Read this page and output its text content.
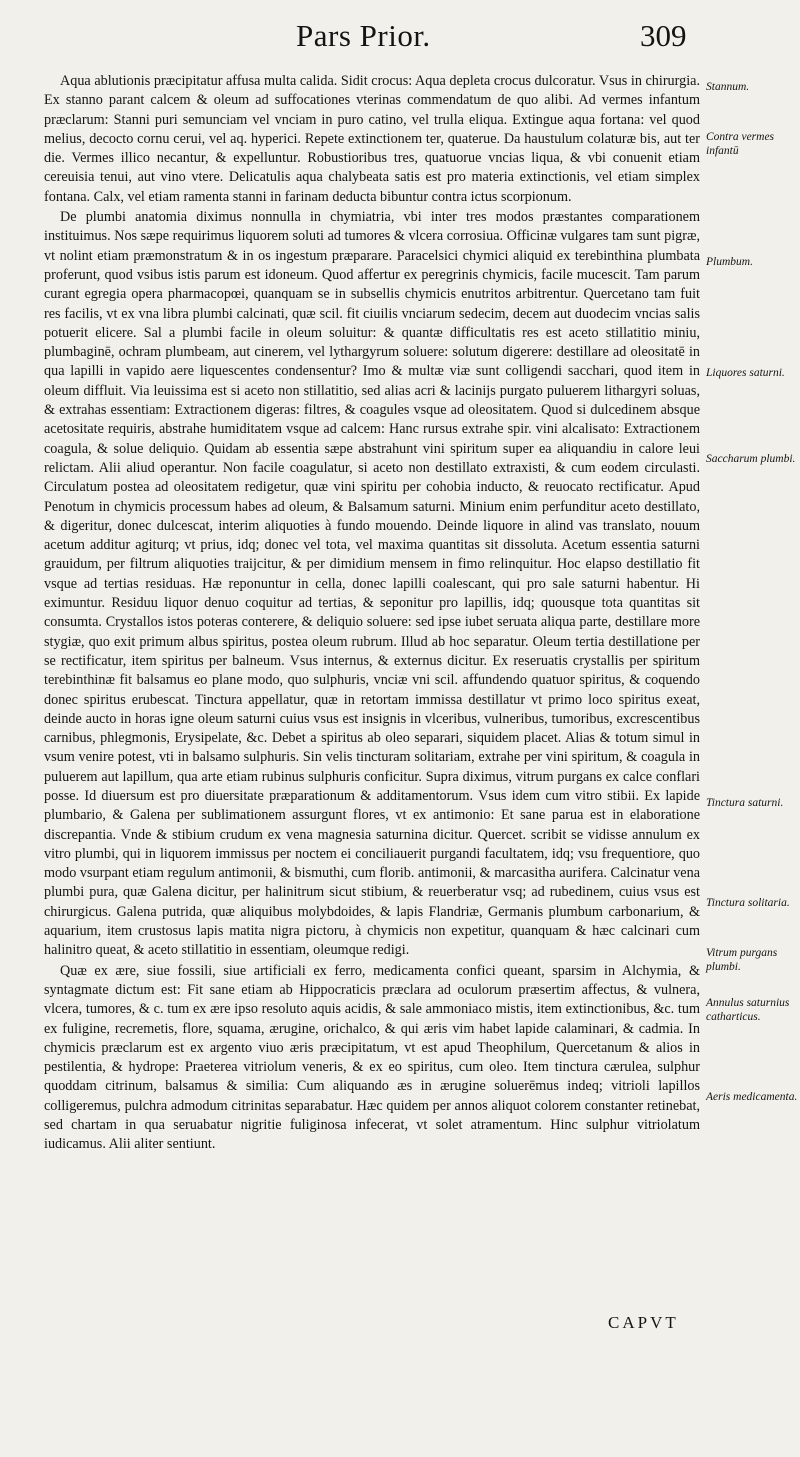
Pars Prior.	309

Aqua ablutionis præcipitatur affusa multa calida. Sidit crocus: Aqua depleta crocus dulcoratur. Vsus in chirurgia. Ex stanno parant calcem & oleum ad suffocationes vterinas commendatum de quo alibi. Ad vermes infantum præclarum: Stanni puri semunciam vel vnciam in puro catino, vel trulla eliqua. Extingue aqua fortana: vel quod melius, decocto cornu cerui, vel aq. hyperici. Repete extinctionem ter, quaterue. Da haustulum colaturæ bis, aut ter die. Vermes illico necantur, & expelluntur. Robustioribus tres, quatuorue vncias liqua, & vbi conuenit etiam cereuisia tenui, aut vino vtere. Delicatulis aqua chalybeata satis est pro materia extinctionis, vel etiam simplex fontana. Calx, vel etiam ramenta stanni in farinam deducta bibuntur contra ictus scorpionum.

De plumbi anatomia diximus nonnulla in chymiatria, vbi inter tres modos præstantes comparationem instituimus. Nos sæpe requirimus liquorem soluti ad tumores & vlcera corrosiua. Officinæ vulgares tam sunt pigræ, vt nolint etiam præmonstratum & in os ingestum præparare. Paracelsici chymici aliquid ex terebinthina plumbata proferunt, quod vsibus istis parum est idoneum. Quod affertur ex peregrinis chymicis, facile mucescit. Tam parum curant egregia opera pharmacopœi, quanquam se in subsellis chymicis enutritos arbitrentur. Quercetano tam fuit res facilis, vt ex vna libra plumbi calcinati, quæ scil. fit ciuilis vnciarum sedecim, decem aut duodecim vncias salis potuerit elicere. Sal a plumbi facile in oleum soluitur: & quantæ difficultatis res est aceto stillatitio miniu, plumbaginē, ochram plumbeam, aut cinerem, vel lythargyrum soluere: solutum digerere: destillare ad oleositatē in qua lapilli in vapido aere liquescentes condensentur? Imo & multæ viæ sunt colligendi sacchari, quod item in oleum diffluit. Via leuissima est si aceto non stillatitio, sed alias acri & lacinijs purgato puluerem lithargyri soluas, & extrahas essentiam: Extractionem digeras: filtres, & coagules vsque ad oleositatem. Quod si dulcedinem absque acetositate requiris, abstrahe humiditatem vsque ad calcem: Hanc rursus extrahe spir. vini alcalisato: Extractionem coagula, & solue deliquio. Quidam ab essentia sæpe abstrahunt vini spiritum super ea aliquandiu in calore leui relictam. Alii aliud operantur. Non facile coagulatur, si aceto non destillato extraxisti, & cum eodem circulasti. Circulatum postea ad oleositatem redigetur, quæ vini spiritu per cohobia inducto, & reuocato rectificatur. Apud Penotum in chymicis processum habes ad oleum, & Balsamum saturni. Minium enim perfunditur aceto destillato, & digeritur, donec dulcescat, interim aliquoties à fundo mouendo. Deinde liquore in alind vas translato, nouum acetum additur agiturq; vt prius, idq; donec vel tota, vel maxima quantitas sit dissoluta. Acetum essentia saturni grauidum, per filtrum aliquoties traijcitur, & per dimidium mensem in fimo relinquitur. Hoc elapso destillatio fit vsque ad tertias residuas. Hæ reponuntur in cella, donec lapilli coalescant, qui pro sale saturni habentur. Hi eximuntur. Residuu liquor denuo coquitur ad tertias, & seponitur pro lapillis, idq; quousque tota quantitas sit consumta. Crystallos istos poteras conterere, & deliquio soluere: sed ipse iubet seruata aliqua parte, destillare more stygiæ, quo exit primum albus spiritus, postea oleum rubrum. Illud ab hoc separatur. Oleum tertia destillatione per se rectificatur, item spiritus per balneum. Vsus internus, & externus dicitur. Ex reseruatis crystallis per spiritum terebinthinæ fit balsamus eo plane modo, quo sulphuris, vnciæ vni scil. affundendo quatuor spiritus, & coquendo donec spiritus erubescat. Tinctura appellatur, quæ in retortam immissa destillatur vt primo loco spiritus exeat, deinde aucto in horas igne oleum saturni cuius vsus est insignis in vlceribus, vulneribus, tumoribus, excrescentibus carnibus, phlegmonis, Erysipelate, &c. Debet a spiritus ab oleo separari, siquidem placet. Alias & totum simul in vsum venire potest, vti in balsamo sulphuris. Sin velis tincturam solitariam, extrahe per vini spiritum, & coagula in puluerem aut lapillum, qua arte etiam rubinus sulphuris conficitur. Supra diximus, vitrum purgans ex calce conflari posse. Id diuersum est pro diuersitate præparationum & additamentorum. Vsus idem cum vitro stibii. Ex lapide plumbario, & Galena per sublimationem assurgunt flores, vt ex antimonio: Et sane parua est in elaboratione discrepantia. Vnde & stibium crudum ex vena magnesia saturnina dicitur. Quercet. scribit se vidisse annulum ex vitro plumbi, qui in liquorem immissus per noctem ei conciliauerit purgandi facultatem, idq; vsu frequentiore, quo modo vsurpant etiam regulum antimonii, & bismuthi, cum florib. antimonii, & marcasitha aurifera. Calcinatur vena plumbi pura, quæ Galena dicitur, per halinitrum sicut stibium, & reuerberatur vsq; ad rubedinem, cuius vsus est chirurgicus. Galena putrida, quæ aliquibus molybdoides, & lapis Flandriæ, Germanis plumbum carbonarium, & aquarium, item crustosus lapis matita nigra pictoru, à chymicis non expetitur, quanquam & hæc calcinari cum halinitro queat, & aceto stillatitio in essentiam, oleumque redigi.

Quæ ex ære, siue fossili, siue artificiali ex ferro, medicamenta confici queant, sparsim in Alchymia, & syntagmate dictum est: Fit sane etiam ab Hippocraticis præclara ad oculorum præsertim affectus, & vulnera, vlcera, tumores, & c. tum ex ære ipso resoluto aquis acidis, & sale ammoniaco mistis, item extinctionibus, &c. tum ex fuligine, recremetis, flore, squama, ærugine, orichalco, & qui æris vim habet lapide calaminari, & cadmia. In chymicis præclarum est ex argento viuo æris præcipitatum, vt est apud Theophilum, Quercetanum & alios in pestilentia, & hydrope: Praeterea vitriolum veneris, & ex eo spiritus, cum oleo. Item tinctura cærulea, sulphur quoddam citrinum, balsamus & similia: Cum aliquando æs in ærugine soluerēmus indeq; vitrioli lapillos colligeremus, pulchra admodum citrinitas separabatur. Hæc quidem per annos aliquot colorem constanter retinebat, sed chartam in qua seruabatur nigritie fuliginosa infecerat, vt solet atramentum. Hinc sulphur vitriolatum iudicamus. Alii aliter sentiunt.

Stannum.
Contra vermes infantū
Plumbum.
Liquores saturni.
Saccharum plumbi.
Tinctura saturni.
Tinctura solitaria.
Vitrum purgans plumbi.
Annulus saturnius catharticus.
Aeris medicamenta.
CAPVT
